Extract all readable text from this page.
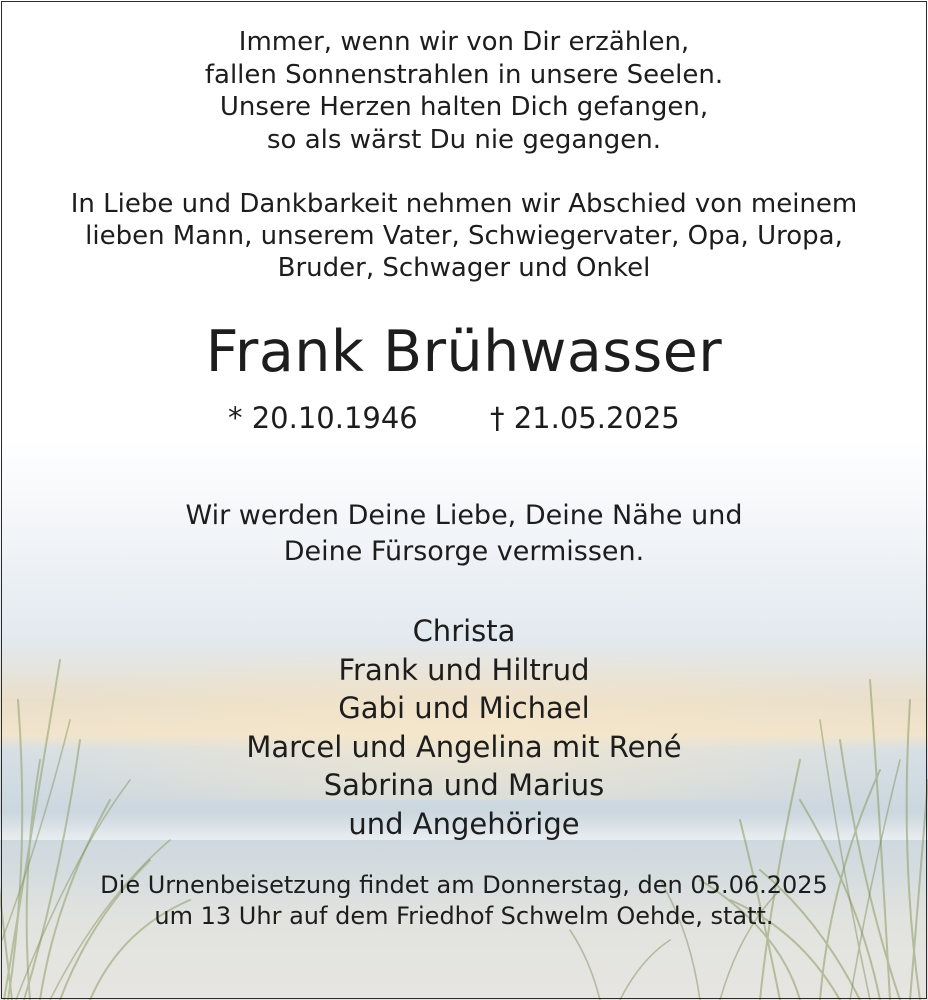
Immer, wenn wir von Dir erzählen,
fallen Sonnenstrahlen in unsere Seelen.
Unsere Herzen halten Dich gefangen,
so als wärst Du nie gegangen.
In Liebe und Dankbarkeit nehmen wir Abschied von meinem
lieben Mann, unserem Vater, Schwiegervater, Opa, Uropa,
Bruder, Schwager und Onkel
Frank Brühwasser
* 20.10.1946 † 21.05.2025
Wir werden Deine Liebe, Deine Nähe und
Deine Fürsorge vermissen.
Christa
Frank und Hiltrud
Gabi und Michael
Marcel und Angelina mit René
Sabrina und Marius
und Angehörige
Die Urnenbeisetzung findet am Donnerstag, den 05.06.2025
um 13 Uhr auf dem Friedhof Schwelm Oehde, statt.
